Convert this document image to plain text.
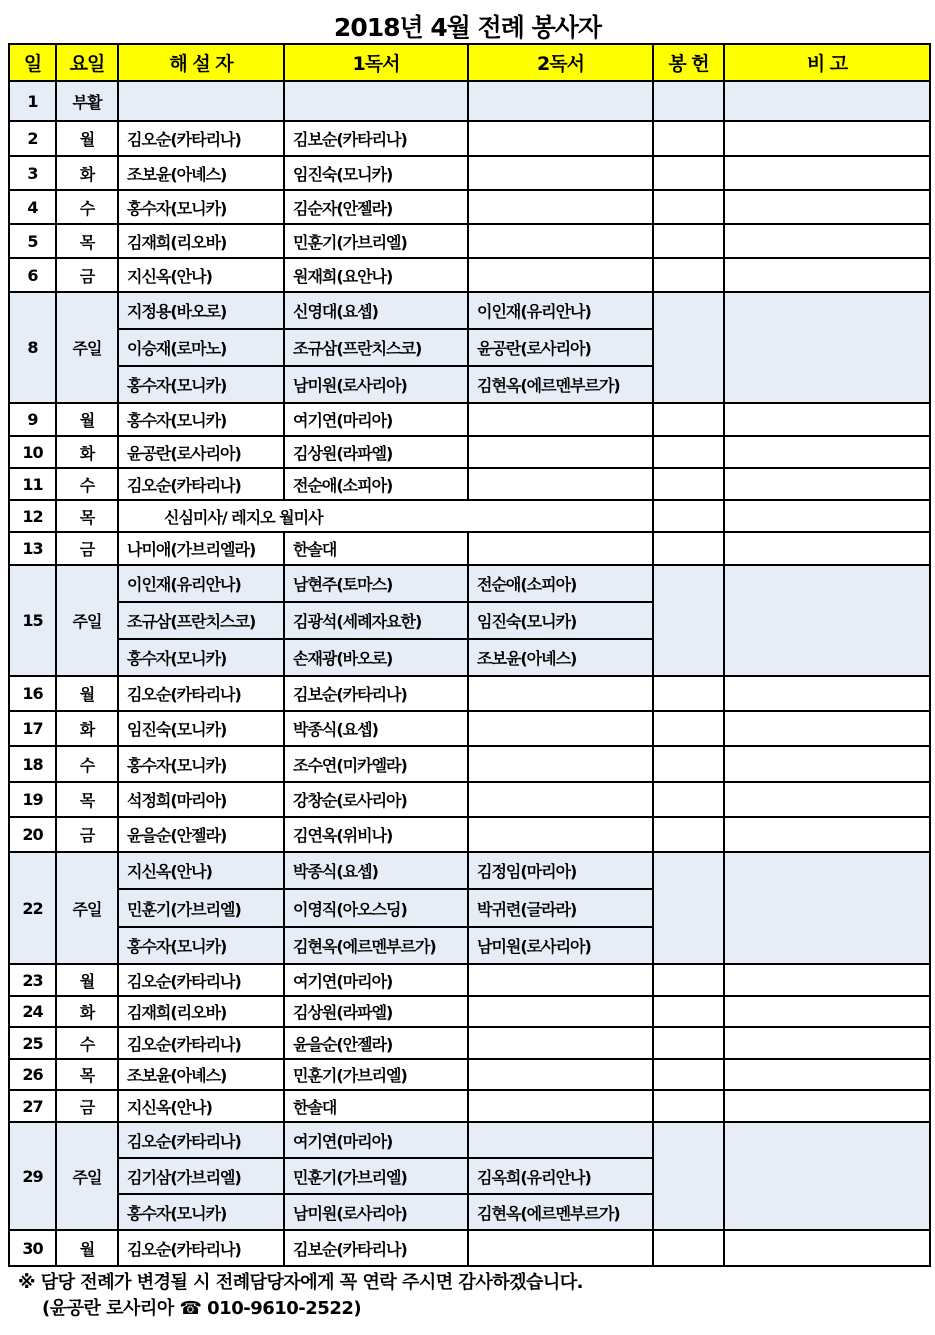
2018년 4월 전례 봉사자
일	요일	해 설 자	1독서	2독서	봉 헌	비 고
1	부활					
2	월	김오순(카타리나)	김보순(카타리나)			
3	화	조보윤(아녜스)	임진숙(모니카)			
4	수	홍수자(모니카)	김순자(안젤라)			
5	목	김재희(리오바)	민훈기(가브리엘)			
6	금	지신옥(안나)	원재희(요안나)			
8	주일	지정용(바오로)	신영대(요셉)	이인재(유리안나)		
		이승재(로마노)	조규삼(프란치스코)	윤공란(로사리아)		
		홍수자(모니카)	남미원(로사리아)	김현옥(에르멘부르가)		
9	월	홍수자(모니카)	여기연(마리아)			
10	화	윤공란(로사리아)	김상원(라파엘)			
11	수	김오순(카타리나)	전순애(소피아)			
12	목	신심미사/ 레지오 월미사				
13	금	나미애(가브리엘라)	한솔대			
15	주일	이인재(유리안나)	남현주(토마스)	전순애(소피아)		
		조규삼(프란치스코)	김광석(세례자요한)	임진숙(모니카)		
		홍수자(모니카)	손재광(바오로)	조보윤(아녜스)		
16	월	김오순(카타리나)	김보순(카타리나)			
17	화	임진숙(모니카)	박종식(요셉)			
18	수	홍수자(모니카)	조수연(미카엘라)			
19	목	석정희(마리아)	강창순(로사리아)			
20	금	윤을순(안젤라)	김연옥(위비나)			
22	주일	지신옥(안나)	박종식(요셉)	김정임(마리아)		
		민훈기(가브리엘)	이영직(아오스딩)	박귀련(글라라)		
		홍수자(모니카)	김현옥(에르멘부르가)	남미원(로사리아)		
23	월	김오순(카타리나)	여기연(마리아)			
24	화	김재희(리오바)	김상원(라파엘)			
25	수	김오순(카타리나)	윤을순(안젤라)			
26	목	조보윤(아녜스)	민훈기(가브리엘)			
27	금	지신옥(안나)	한솔대			
29	주일	김오순(카타리나)	여기연(마리아)			
		김기삼(가브리엘)	민훈기(가브리엘)	김옥희(유리안나)		
		홍수자(모니카)	남미원(로사리아)	김현옥(에르멘부르가)		
30	월	김오순(카타리나)	김보순(카타리나)			
※ 담당 전례가 변경될 시 전례담당자에게 꼭 연락 주시면 감사하겠습니다.
(윤공란 로사리아 ☎ 010-9610-2522)
